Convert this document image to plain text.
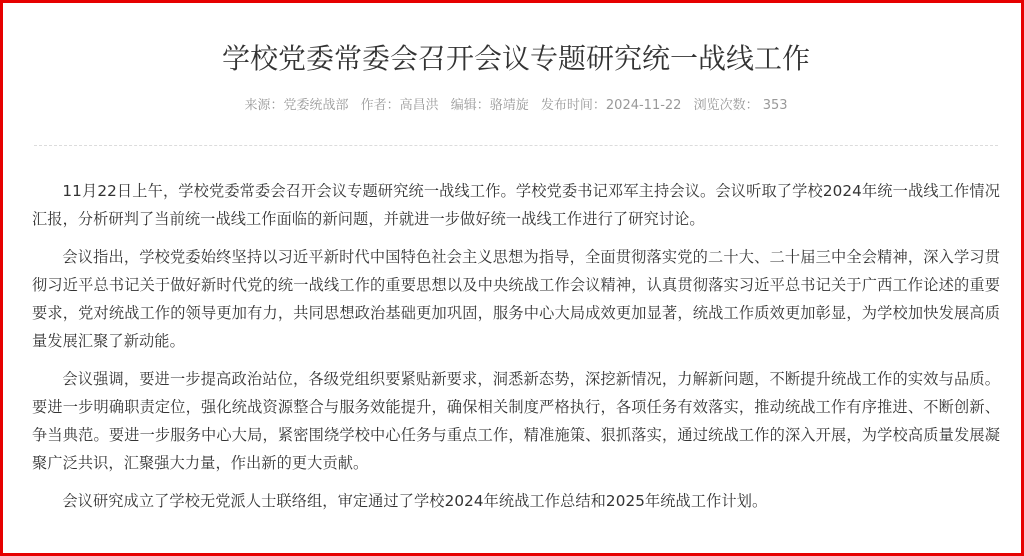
学校党委常委会召开会议专题研究统一战线工作
来源：党委统战部 作者：高昌洪 编辑：骆靖旋 发布时间：2024-11-22 浏览次数： 353

11月22日上午，学校党委常委会召开会议专题研究统一战线工作。学校党委书记邓军主持会议。会议听取了学校2024年统一战线工作情况汇报，分析研判了当前统一战线工作面临的新问题，并就进一步做好统一战线工作进行了研究讨论。

会议指出，学校党委始终坚持以习近平新时代中国特色社会主义思想为指导，全面贯彻落实党的二十大、二十届三中全会精神，深入学习贯彻习近平总书记关于做好新时代党的统一战线工作的重要思想以及中央统战工作会议精神，认真贯彻落实习近平总书记关于广西工作论述的重要要求，党对统战工作的领导更加有力，共同思想政治基础更加巩固，服务中心大局成效更加显著，统战工作质效更加彰显，为学校加快发展高质量发展汇聚了新动能。

会议强调，要进一步提高政治站位，各级党组织要紧贴新要求，洞悉新态势，深挖新情况，力解新问题，不断提升统战工作的实效与品质。要进一步明确职责定位，强化统战资源整合与服务效能提升，确保相关制度严格执行，各项任务有效落实，推动统战工作有序推进、不断创新、争当典范。要进一步服务中心大局，紧密围绕学校中心任务与重点工作，精准施策、狠抓落实，通过统战工作的深入开展，为学校高质量发展凝聚广泛共识，汇聚强大力量，作出新的更大贡献。

会议研究成立了学校无党派人士联络组，审定通过了学校2024年统战工作总结和2025年统战工作计划。
